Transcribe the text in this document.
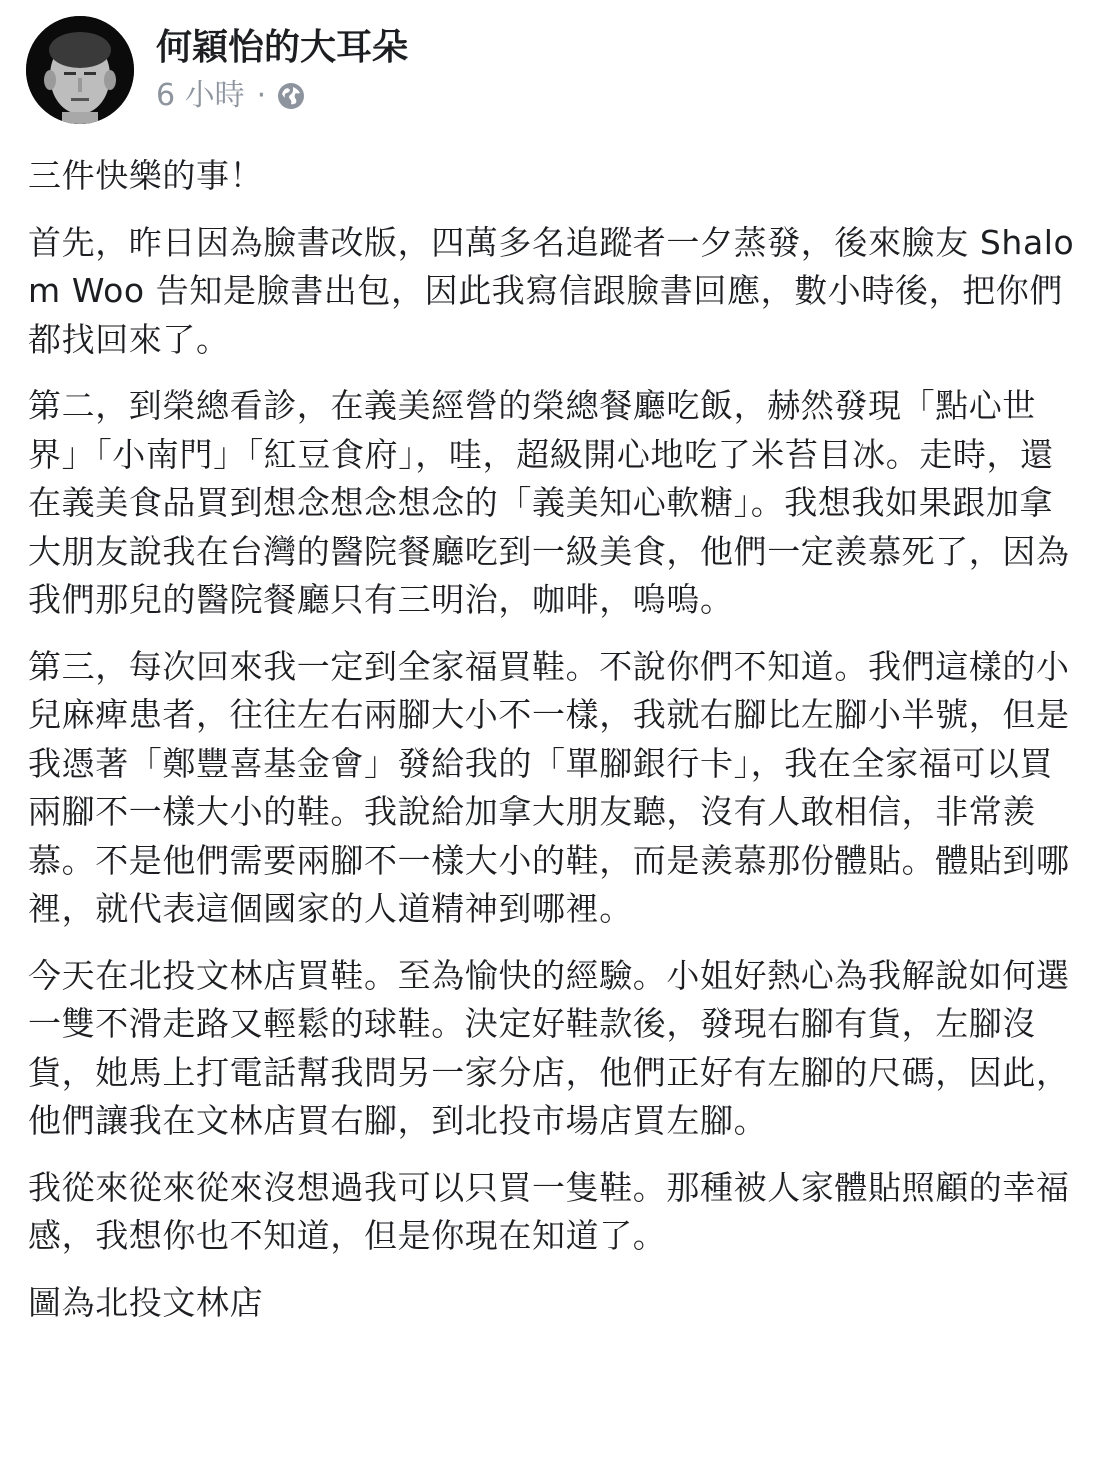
何穎怡的大耳朵
6 小時 ·

三件快樂的事！

首先，昨日因為臉書改版，四萬多名追蹤者一夕蒸發，後來臉友 Shalom Woo 告知是臉書出包，因此我寫信跟臉書回應，數小時後，把你們都找回來了。

第二，到榮總看診，在義美經營的榮總餐廳吃飯，赫然發現「點心世界」「小南門」「紅豆食府」，哇，超級開心地吃了米苔目冰。走時，還在義美食品買到想念想念想念的「義美知心軟糖」。我想我如果跟加拿大朋友說我在台灣的醫院餐廳吃到一級美食，他們一定羨慕死了，因為我們那兒的醫院餐廳只有三明治，咖啡，嗚嗚。

第三，每次回來我一定到全家福買鞋。不說你們不知道。我們這樣的小兒麻痺患者，往往左右兩腳大小不一樣，我就右腳比左腳小半號，但是我憑著「鄭豐喜基金會」發給我的「單腳銀行卡」，我在全家福可以買兩腳不一樣大小的鞋。我說給加拿大朋友聽，沒有人敢相信，非常羨慕。不是他們需要兩腳不一樣大小的鞋，而是羨慕那份體貼。體貼到哪裡，就代表這個國家的人道精神到哪裡。

今天在北投文林店買鞋。至為愉快的經驗。小姐好熱心為我解說如何選一雙不滑走路又輕鬆的球鞋。決定好鞋款後，發現右腳有貨，左腳沒貨，她馬上打電話幫我問另一家分店，他們正好有左腳的尺碼，因此，他們讓我在文林店買右腳，到北投市場店買左腳。

我從來從來從來沒想過我可以只買一隻鞋。那種被人家體貼照顧的幸福感，我想你也不知道，但是你現在知道了。

圖為北投文林店
